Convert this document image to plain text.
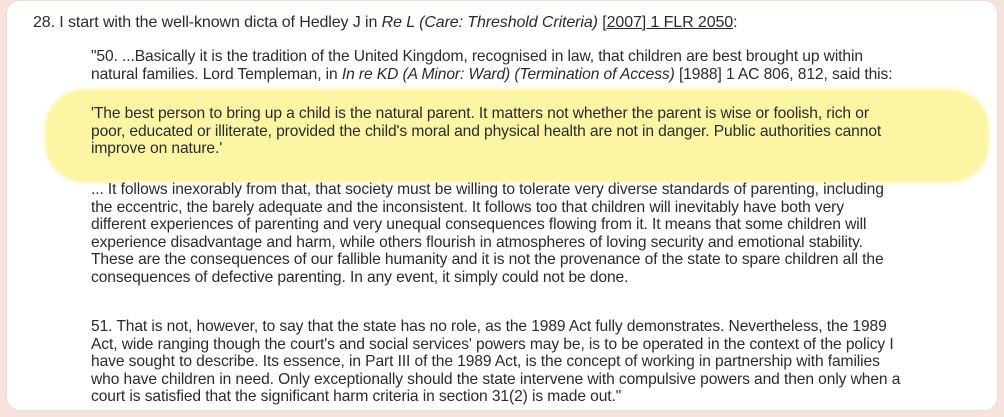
28. I start with the well-known dicta of Hedley J in Re L (Care: Threshold Criteria) [2007] 1 FLR 2050:
"50. ...Basically it is the tradition of the United Kingdom, recognised in law, that children are best brought up within
natural families. Lord Templeman, in In re KD (A Minor: Ward) (Termination of Access) [1988] 1 AC 806, 812, said this:
'The best person to bring up a child is the natural parent. It matters not whether the parent is wise or foolish, rich or
poor, educated or illiterate, provided the child's moral and physical health are not in danger. Public authorities cannot
improve on nature.'
... It follows inexorably from that, that society must be willing to tolerate very diverse standards of parenting, including
the eccentric, the barely adequate and the inconsistent. It follows too that children will inevitably have both very
different experiences of parenting and very unequal consequences flowing from it. It means that some children will
experience disadvantage and harm, while others flourish in atmospheres of loving security and emotional stability.
These are the consequences of our fallible humanity and it is not the provenance of the state to spare children all the
consequences of defective parenting. In any event, it simply could not be done.
51. That is not, however, to say that the state has no role, as the 1989 Act fully demonstrates. Nevertheless, the 1989
Act, wide ranging though the court's and social services' powers may be, is to be operated in the context of the policy I
have sought to describe. Its essence, in Part III of the 1989 Act, is the concept of working in partnership with families
who have children in need. Only exceptionally should the state intervene with compulsive powers and then only when a
court is satisfied that the significant harm criteria in section 31(2) is made out."
